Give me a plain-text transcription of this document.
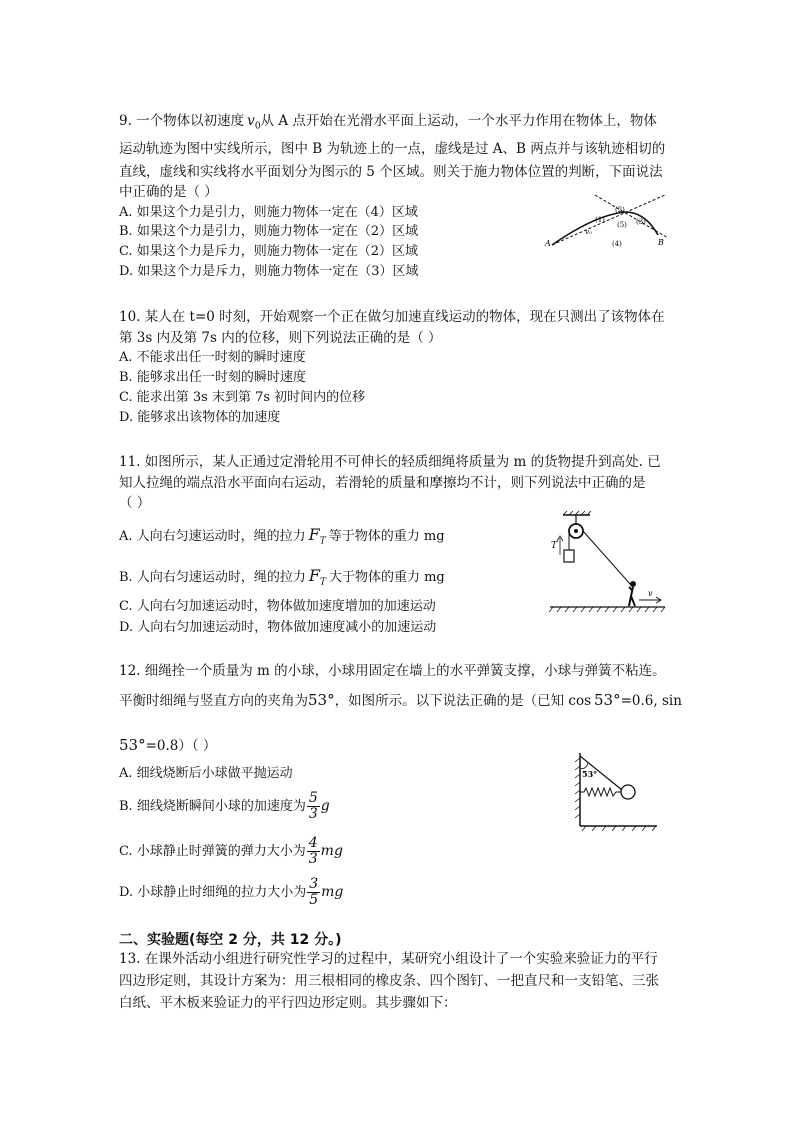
9. 一个物体以初速度 $v_0$从 A 点开始在光滑水平面上运动，一个水平力作用在物体上，物体
运动轨迹为图中实线所示，图中 B 为轨迹上的一点，虚线是过 A、B 两点并与该轨迹相切的
直线，虚线和实线将水平面划分为图示的 5 个区域。则关于施力物体位置的判断，下面说法
中正确的是（ ）
A. 如果这个力是引力，则施力物体一定在（4）区域
B. 如果这个力是引力，则施力物体一定在（2）区域
C. 如果这个力是斥力，则施力物体一定在（2）区域
D. 如果这个力是斥力，则施力物体一定在（3）区域
A	B
(1)
(2)
(3)
(4)
(5)
v₀
10. 某人在 t=0 时刻，开始观察一个正在做匀加速直线运动的物体，现在只测出了该物体在
第 3s 内及第 7s 内的位移，则下列说法正确的是（ ）
A. 不能求出任一时刻的瞬时速度
B. 能够求出任一时刻的瞬时速度
C. 能求出第 3s 末到第 7s 初时间内的位移
D. 能够求出该物体的加速度
11. 如图所示，某人正通过定滑轮用不可伸长的轻质细绳将质量为 m 的货物提升到高处. 已
知人拉绳的端点沿水平面向右运动，若滑轮的质量和摩擦均不计，则下列说法中正确的是
（ ）
A. 人向右匀速运动时，绳的拉力 $F_T$ 等于物体的重力 mg
B. 人向右匀速运动时，绳的拉力 $F_T$ 大于物体的重力 mg
C. 人向右匀加速运动时，物体做加速度增加的加速运动
D. 人向右匀加速运动时，物体做加速度减小的加速运动
T
v
12. 细绳拴一个质量为 m 的小球，小球用固定在墙上的水平弹簧支撑，小球与弹簧不粘连。
平衡时细绳与竖直方向的夹角为53°，如图所示。以下说法正确的是（已知 cos 53°=0.6, sin
53°=0.8）（ ）
A. 细线烧断后小球做平抛运动
B. 细线烧断瞬间小球的加速度为 $\frac{5}{3}$ g
C. 小球静止时弹簧的弹力大小为 $\frac{4}{3}$ mg
D. 小球静止时细绳的拉力大小为 $\frac{3}{5}$ mg
53°
二、实验题(每空 2 分，共 12 分。)
13. 在课外活动小组进行研究性学习的过程中，某研究小组设计了一个实验来验证力的平行
四边形定则，其设计方案为：用三根相同的橡皮条、四个图钉、一把直尺和一支铅笔、三张
白纸、平木板来验证力的平行四边形定则。其步骤如下：
